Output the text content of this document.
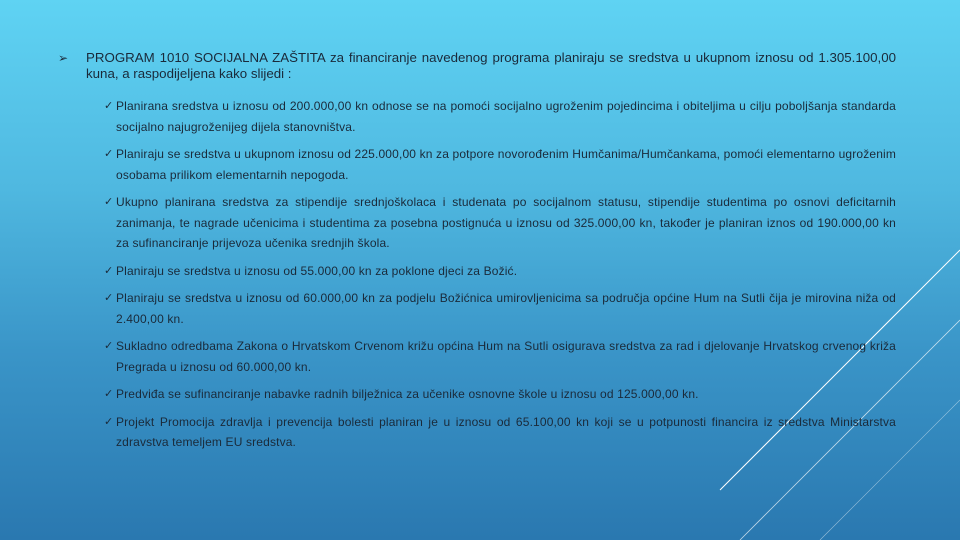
➢ PROGRAM 1010 SOCIJALNA ZAŠTITA za financiranje navedenog programa planiraju se sredstva u ukupnom iznosu od 1.305.100,00 kuna, a raspodijeljena kako slijedi :
✓ Planirana sredstva u iznosu od 200.000,00 kn odnose se na pomoći socijalno ugroženim pojedincima i obiteljima u cilju poboljšanja standarda socijalno najugroženijeg dijela stanovništva.
✓ Planiraju se sredstva u ukupnom iznosu od 225.000,00 kn za potpore novorođenim Humčanima/Humčankama, pomoći elementarno ugroženim osobama prilikom elementarnih nepogoda.
✓ Ukupno planirana sredstva za stipendije srednjoškolaca i studenata po socijalnom statusu, stipendije studentima po osnovi deficitarnih zanimanja, te nagrade učenicima i studentima za posebna postignuća u iznosu od 325.000,00 kn, također je planiran iznos od 190.000,00 kn za sufinanciranje prijevoza učenika srednjih škola.
✓ Planiraju se sredstva u iznosu od 55.000,00 kn za poklone djeci za Božić.
✓ Planiraju se sredstva u iznosu od 60.000,00 kn za podjelu Božićnica umirovljenicima sa područja općine Hum na Sutli čija je mirovina niža od 2.400,00 kn.
✓ Sukladno odredbama Zakona o Hrvatskom Crvenom križu općina Hum na Sutli osigurava sredstva za rad i djelovanje Hrvatskog crvenog križa Pregrada u iznosu od 60.000,00 kn.
✓ Predviđa se sufinanciranje nabavke radnih bilježnica za učenike osnovne škole u iznosu od 125.000,00 kn.
✓ Projekt Promocija zdravlja i prevencija bolesti planiran je u iznosu od 65.100,00 kn koji se u potpunosti financira iz sredstva Ministarstva zdravstva temeljem EU sredstva.
